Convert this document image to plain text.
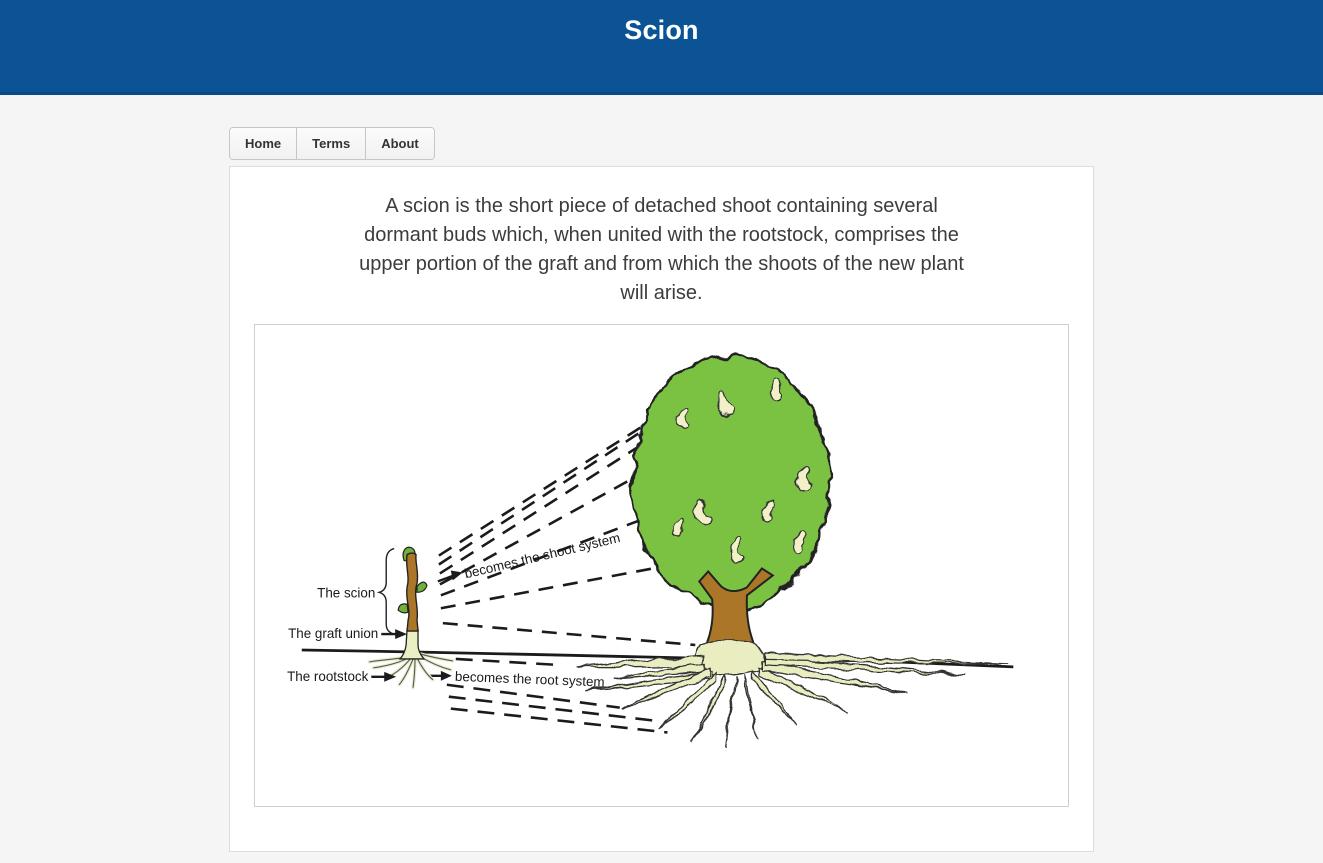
Scion
Home	Terms	About

A scion is the short piece of detached shoot containing several dormant buds which, when united with the rootstock, comprises the upper portion of the graft and from which the shoots of the new plant will arise.

becomes the shoot system
becomes the root system
The scion
The graft union
The rootstock
